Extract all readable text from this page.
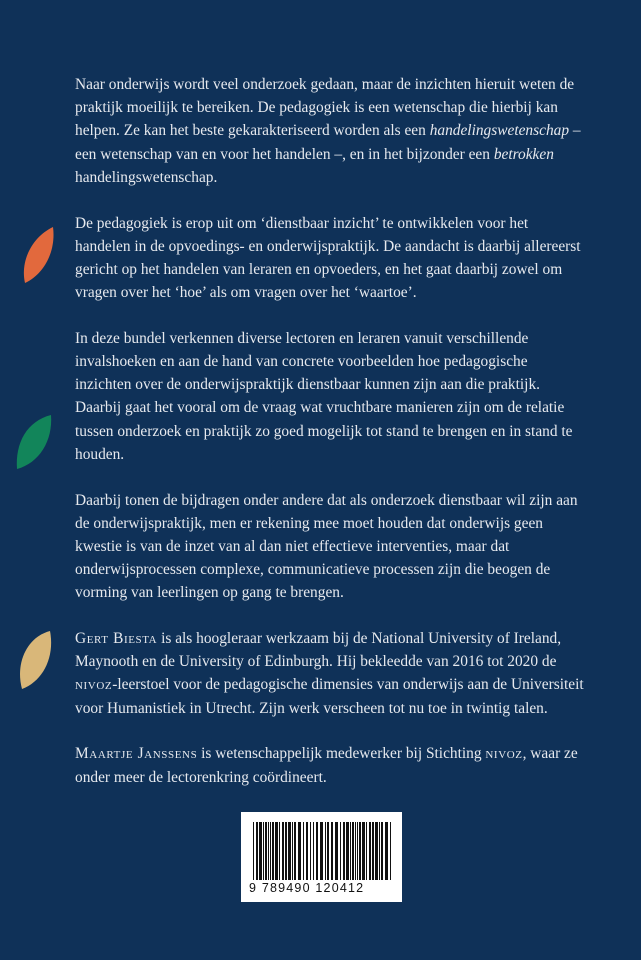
Naar onderwijs wordt veel onderzoek gedaan, maar de inzichten hieruit weten de praktijk moeilijk te bereiken. De pedagogiek is een wetenschap die hierbij kan helpen. Ze kan het beste gekarakteriseerd worden als een handelingswetenschap – een wetenschap van en voor het handelen –, en in het bijzonder een betrokken handelingswetenschap.

De pedagogiek is erop uit om ‘dienstbaar inzicht’ te ontwikkelen voor het handelen in de opvoedings- en onderwijspraktijk. De aandacht is daarbij allereerst gericht op het handelen van leraren en opvoeders, en het gaat daarbij zowel om vragen over het ‘hoe’ als om vragen over het ‘waartoe’.

In deze bundel verkennen diverse lectoren en leraren vanuit verschillende invalshoeken en aan de hand van concrete voorbeelden hoe pedagogische inzichten over de onderwijspraktijk dienstbaar kunnen zijn aan die praktijk. Daarbij gaat het vooral om de vraag wat vruchtbare manieren zijn om de relatie tussen onderzoek en praktijk zo goed mogelijk tot stand te brengen en in stand te houden.

Daarbij tonen de bijdragen onder andere dat als onderzoek dienstbaar wil zijn aan de onderwijspraktijk, men er rekening mee moet houden dat onderwijs geen kwestie is van de inzet van al dan niet effectieve interventies, maar dat onderwijsprocessen complexe, communicatieve processen zijn die beogen de vorming van leerlingen op gang te brengen.

Gert Biesta is als hoogleraar werkzaam bij de National University of Ireland, Maynooth en de University of Edinburgh. Hij bekleedde van 2016 tot 2020 de nivoz-leerstoel voor de pedagogische dimensies van onderwijs aan de Universiteit voor Humanistiek in Utrecht. Zijn werk verscheen tot nu toe in twintig talen.

Maartje Janssens is wetenschappelijk medewerker bij Stichting nivoz, waar ze onder meer de lectorenkring coördineert.

9 789490 120412
